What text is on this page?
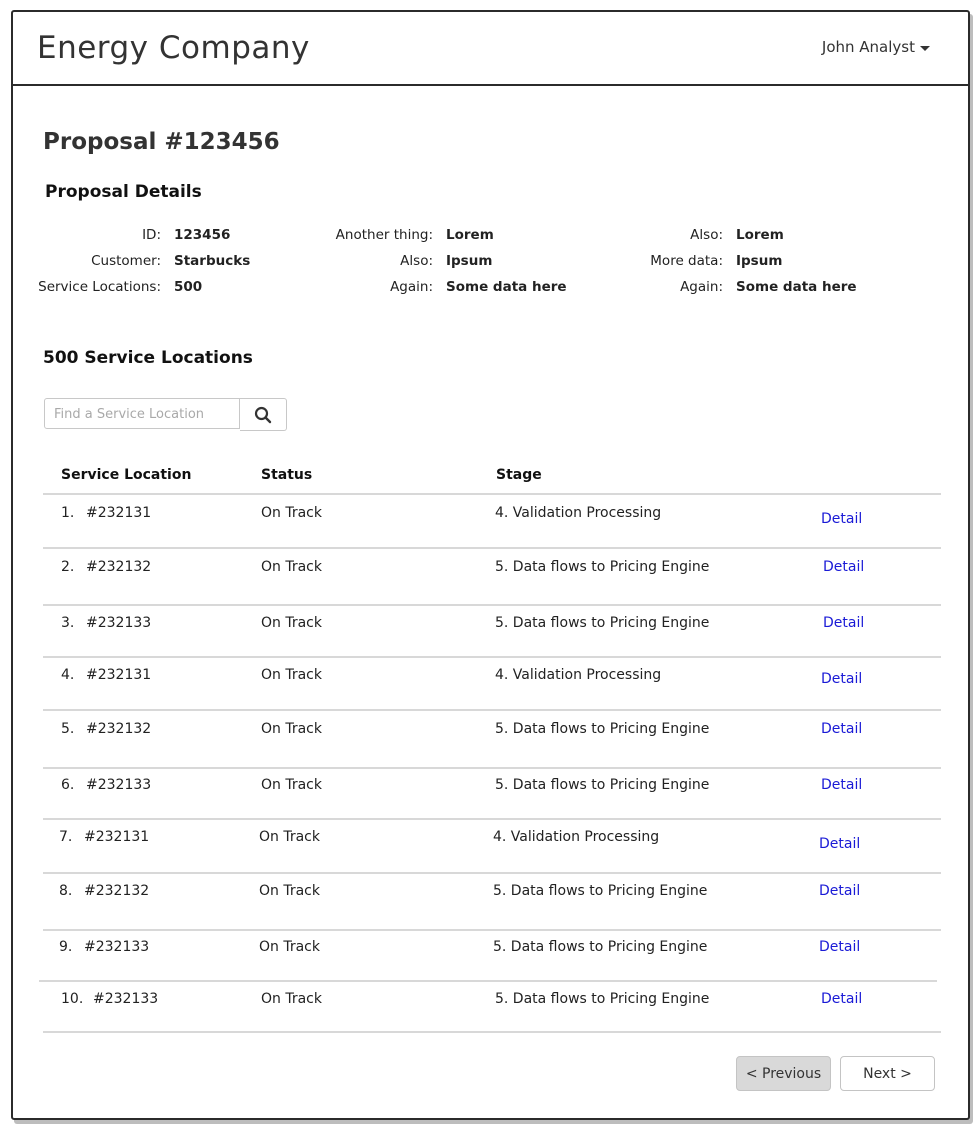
Energy Company	John Analyst
Proposal #123456
Proposal Details
ID: 123456
Customer: Starbucks
Service Locations: 500
Another thing: Lorem
Also: Ipsum
Again: Some data here
Also: Lorem
More data: Ipsum
Again: Some data here
500 Service Locations
Find a Service Location
Service Location	Status	Stage
1. #232131	On Track	4. Validation Processing	Detail
2. #232132	On Track	5. Data flows to Pricing Engine	Detail
3. #232133	On Track	5. Data flows to Pricing Engine	Detail
4. #232131	On Track	4. Validation Processing	Detail
5. #232132	On Track	5. Data flows to Pricing Engine	Detail
6. #232133	On Track	5. Data flows to Pricing Engine	Detail
7. #232131	On Track	4. Validation Processing	Detail
8. #232132	On Track	5. Data flows to Pricing Engine	Detail
9. #232133	On Track	5. Data flows to Pricing Engine	Detail
10. #232133	On Track	5. Data flows to Pricing Engine	Detail
< Previous	Next >
